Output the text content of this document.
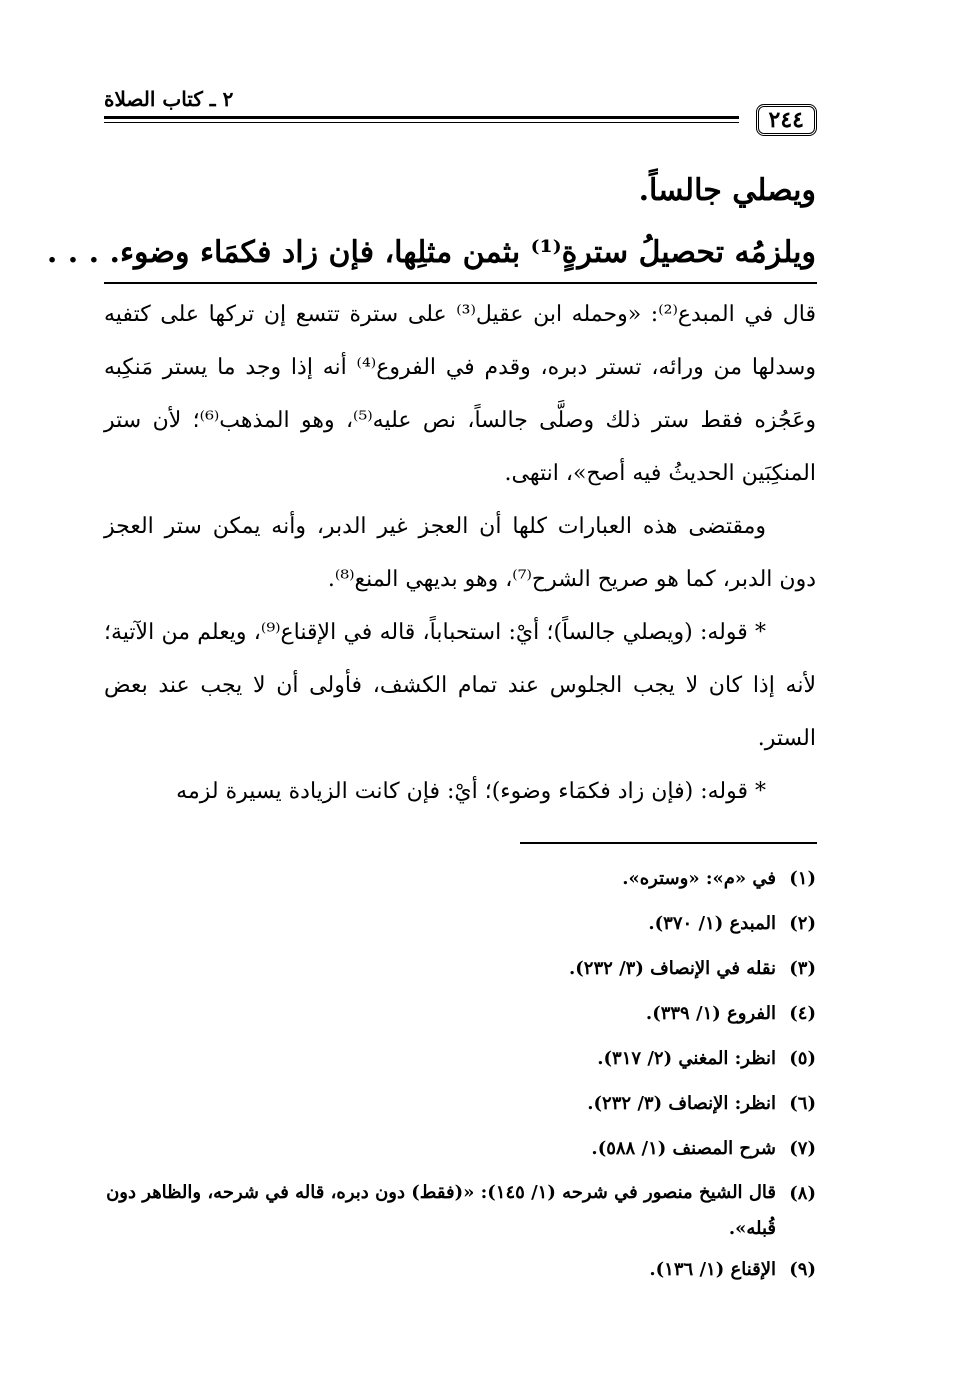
٢٤٤
٢ ـ كتاب الصلاة

ويصلي جالساً.

ويلزمُه تحصيلُ سترةٍ⁽¹⁾ بثمن مثلِها، فإن زاد فكمَاء وضوء. . . .

قال في المبدع⁽²⁾: «وحمله ابن عقيل⁽³⁾ على سترة تتسع إن تركها على كتفيه وسدلها من ورائه، تستر دبره، وقدم في الفروع⁽⁴⁾ أنه إذا وجد ما يستر مَنكِبه وعَجُزه فقط ستر ذلك وصلَّى جالساً، نص عليه⁽⁵⁾، وهو المذهب⁽⁶⁾؛ لأن ستر المنكِبَين الحديثُ فيه أصح»، انتهى.

ومقتضى هذه العبارات كلها أن العجز غير الدبر، وأنه يمكن ستر العجز دون الدبر، كما هو صريح الشرح⁽⁷⁾، وهو بديهي المنع⁽⁸⁾.

* قوله: (ويصلي جالساً)؛ أيْ: استحباباً، قاله في الإقناع⁽⁹⁾، ويعلم من الآتية؛ لأنه إذا كان لا يجب الجلوس عند تمام الكشف، فأولى أن لا يجب عند بعض الستر.

* قوله: (فإن زاد فكمَاء وضوء)؛ أيْ: فإن كانت الزيادة يسيرة لزمه

(١)
في «م»: «وستره».
(٢)
المبدع (١/ ٣٧٠).
(٣)
نقله في الإنصاف (٣/ ٢٣٢).
(٤)
الفروع (١/ ٣٣٩).
(٥)
انظر: المغني (٢/ ٣١٧).
(٦)
انظر: الإنصاف (٣/ ٢٣٢).
(٧)
شرح المصنف (١/ ٥٨٨).
(٨)
قال الشيخ منصور في شرحه (١/ ١٤٥): «(فقط) دون دبره، قاله في شرحه، والظاهر دون قُبله».
(٩)
الإقناع (١/ ١٣٦).
